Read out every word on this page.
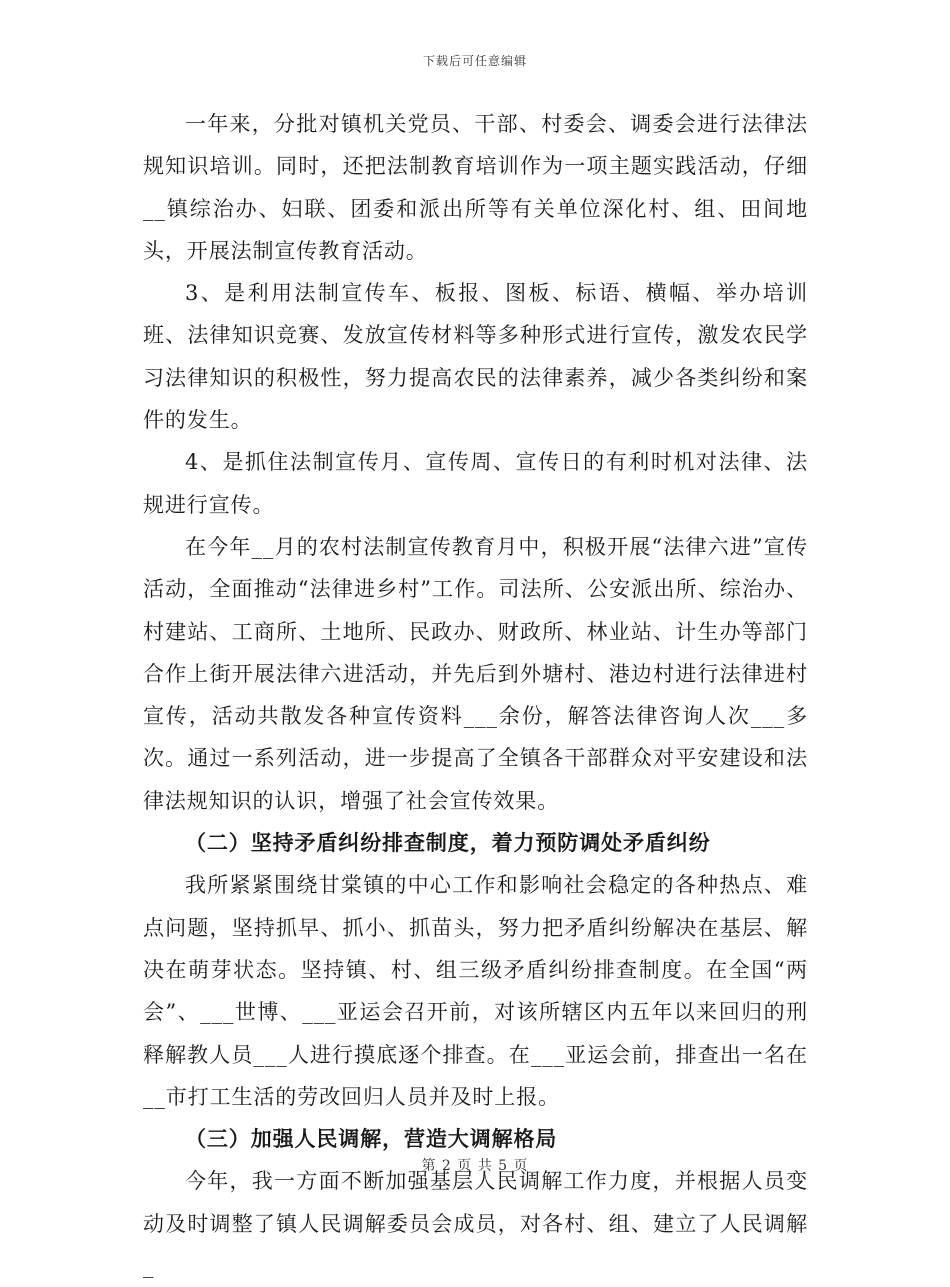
下载后可任意编辑

一年来，分批对镇机关党员、干部、村委会、调委会进行法律法规知识培训。同时，还把法制教育培训作为一项主题实践活动，仔细__镇综治办、妇联、团委和派出所等有关单位深化村、组、田间地头，开展法制宣传教育活动。

3、是利用法制宣传车、板报、图板、标语、横幅、举办培训班、法律知识竞赛、发放宣传材料等多种形式进行宣传，激发农民学习法律知识的积极性，努力提高农民的法律素养，减少各类纠纷和案件的发生。

4、是抓住法制宣传月、宣传周、宣传日的有利时机对法律、法规进行宣传。

在今年__月的农村法制宣传教育月中，积极开展“法律六进”宣传活动，全面推动“法律进乡村”工作。司法所、公安派出所、综治办、村建站、工商所、土地所、民政办、财政所、林业站、计生办等部门合作上街开展法律六进活动，并先后到外塘村、港边村进行法律进村宣传，活动共散发各种宣传资料___余份，解答法律咨询人次___多次。通过一系列活动，进一步提高了全镇各干部群众对平安建设和法律法规知识的认识，增强了社会宣传效果。

（二）坚持矛盾纠纷排查制度，着力预防调处矛盾纠纷

我所紧紧围绕甘棠镇的中心工作和影响社会稳定的各种热点、难点问题，坚持抓早、抓小、抓苗头，努力把矛盾纠纷解决在基层、解决在萌芽状态。坚持镇、村、组三级矛盾纠纷排查制度。在全国“两会”、___世博、___亚运会召开前，对该所辖区内五年以来回归的刑释解教人员___人进行摸底逐个排查。在___亚运会前，排查出一名在__市打工生活的劳改回归人员并及时上报。

（三）加强人民调解，营造大调解格局

今年，我一方面不断加强基层人民调解工作力度，并根据人员变动及时调整了镇人民调解委员会成员，对各村、组、建立了人民调解_

第 2 页 共 5 页
